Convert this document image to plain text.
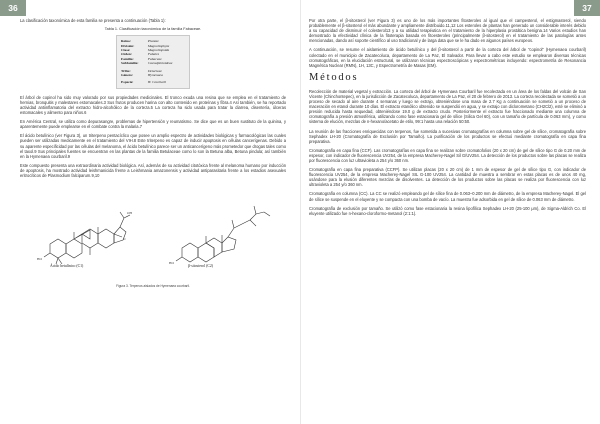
36

La clasificación taxonómica de esta familia se presenta a continuación (Tabla 1):

Tabla 1. Clasificación taxonómica de la familia Fabaceae.
Reino:	Plantae
División:	Magnoliophyta
Clase:	Magnoliopsida
Orden:	Fabales
Familia:	Fabaceae
Subfamilia:	Caesalpinioideae

Tribu:	Detarieae
Género:	Hymenaea

Especie:	H. Courbaril

El árbol de copinol ha sido muy valorado por sus propiedades medicinales. El tronco exuda una resina que se emplea en el tratamiento de hernias, bronquitis y malestares estomacales.3 Sus frutos producen harina con alto contenido en proteínas y fibra.4 Así también, se ha reportado actividad antiinflamatoria del extracto hidro-alcohólico de la corteza.5 La corteza ha sido usada para tratar la diarrea, disentería, úlceras estomacales y alimento para niños.6

En América Central, se utiliza como depurasangre, problemas de hipertensión y reumatismo. Se dice que es un buen sustituto de la quinina, y aparentemente puede emplearse en el combate contra la malaria.7

El ácido betulínico (ver Figura 3), un triterpeno pentacíclico que posee un amplio espectro de actividades biológicas y farmacológicas las cuales pueden ser utilizadas medicamente en el tratamiento del VIH.8 Este triterpeno es capaz de inducir apoptosis en células cancerígenas. Debido a su aparente especificidad por las células del melanoma, el ácido betulínico parece ser un anticancerígeno más prometedor que drogas tales como el taxol.9 Sus principales fuentes se encuentran en las plantas de la familia Betulaceae como lo son la Betuna alba, Betuna pindula; así también en la Hymenaea courbaril.9

Este compuesto presenta una extraordinaria actividad biológica. Así, además de su actividad citotóxica frente al melanoma humano por inducción de apoptosis, ha mostrado actividad leishmanicida frente a Leishmania amazonensis y actividad antiparasitaria frente a los estadios asexuales eritrocíticos de Plasmodium falciparum.9,10

HO
OH
O
HO
Ácido betulínico (C1)	β-sitosterol (C2)
Figura 3. Terpenos aislados de Hymenaea courbaril.
37

Por otra parte, el β-sitosterol (ver Figura 3) es uno de los más importantes fitosteroles al igual que el campesterol, el estigmasterol, siendo probablemente el β-sitosterol el más abundante y ampliamente distribuido.11,12 Los esteroles de plantas han generado un considerable interés debido a su capacidad de disminuir el colesterol13 y a su utilidad terapéutica en el tratamiento de la hiperplasia prostática benigna.14 Varios estudios han demostrado la efectividad clínica de la fitoterapia basada en fitoesteroles (principalmente β-sitosterol) en el tratamiento de las patologías antes mencionadas, dando así soporte científico al uso tradicional y de larga data que se le ha dado en algunos países europeos.

A continuación, se resume el aislamiento de ácido betulínico y del β-sitosterol a partir de la corteza del árbol de "copinol" (Hymenaea courbaril) colectado en el municipio de Zacatecoluca, departamento de La Paz, El Salvador. Para llevar a cabo este estudio se emplearon diversas técnicas cromatográficas, en la elucidación estructural, se utilizaron técnicas espectroscópicas y espectrométricas incluyendo: espectrometría de Resonancia Magnética Nuclear (RMN), 1H, 13C, y Espectrometría de Masas (EM).

Métodos

Recolección de material vegetal y extracción. La corteza del árbol de Hymenaea Courbaril fue recolectada en un área de los faldas del volcán de San Vicente (Chinchontepec), en la jurisdicción de Zacatecoluca, departamento de La Paz, el 20 de febrero de 2013. La corteza recolectada se sometió a un proceso de secado al aire durante 4 semanas y luego se extrajo, obteniéndose una masa de 2.7 Kg a continuación se sometió a un proceso de maceración en etanol durante 10 días. El extracto etanólico obtenido se suspendió en agua, y se extrajo con diclorometano (CH2Cl2), esté se eliminó a presión reducida hasta sequedad, obteniéndose 19.0 g de extracto crudo. Posteriormente el extracto fue fraccionado mediante una columna de cromatografía a presión atmosférica, utilizando como fase estacionaria gel de sílice (Silica Gel 60), con un tamaño de partícula de 0.063 mm), y como sistema de elución, mezclas de n-hexano/acetato de etilo, 99:1 hasta una relación 50:50.

La reunión de las fracciones enriquecidas con terpenos, fue sometida a sucesivas cromatografías en columna sobre gel de sílice, cromatografía sobre Sephadex LH-20 (Cromatografía de Exclusión por Tamaño). La purificación de los productos se efectuó mediante cromatografía en capa fina preparativa.

Cromatografía en capa fina (CCF). Las cromatografías en capa fina se realizan sobre cromatofolios (20 x 20 cm) de gel de sílice tipo G de 0.20 mm de espesor, con indicador de fluorescencia UV254, de la empresa Macherey-Nagel Sil G/UV254. La detección de los productos sobre las placas se realiza por fluorescencia con luz ultravioleta a 254 y/o 360 nm.

Cromatografía en capa fina preparativa (CCFP). Se utilizan placas (20 x 20 cm) de 1 mm de espesor de gel de sílice tipo G, con indicador de fluorescencia UV254, de la empresa Macherey-Nagel SIL G-100 UV254. La cantidad de muestra a sembrar en estas placas es de unos 40 mg, usándose para la elusión diferentes mezclas de disolventes. La detección de los productos sobre las placas se realiza por fluorescencia con luz ultravioleta a 254 y/o 360 nm.

Cromatografía en columna (CC). La CC se realizó empleando gel de sílice fina de 0.063–0.200 mm de diámetro, de la empresa Macherey-Nagel. El gel de sílice se suspende en el eluyente y se compacta con una bomba de vacío. La muestra fue adsorbida en gel de sílice de 0.063 mm de diámetro.

Cromatografía de exclusión por tamaño. Se utilizó como fase estacionaria la resina lipofílica Sephadex LH-20 (25-100 μm), de Sigma-Aldrich Co. El eluyente utilizado fue n-hexano-cloroformo-metanol (2:1:1).
